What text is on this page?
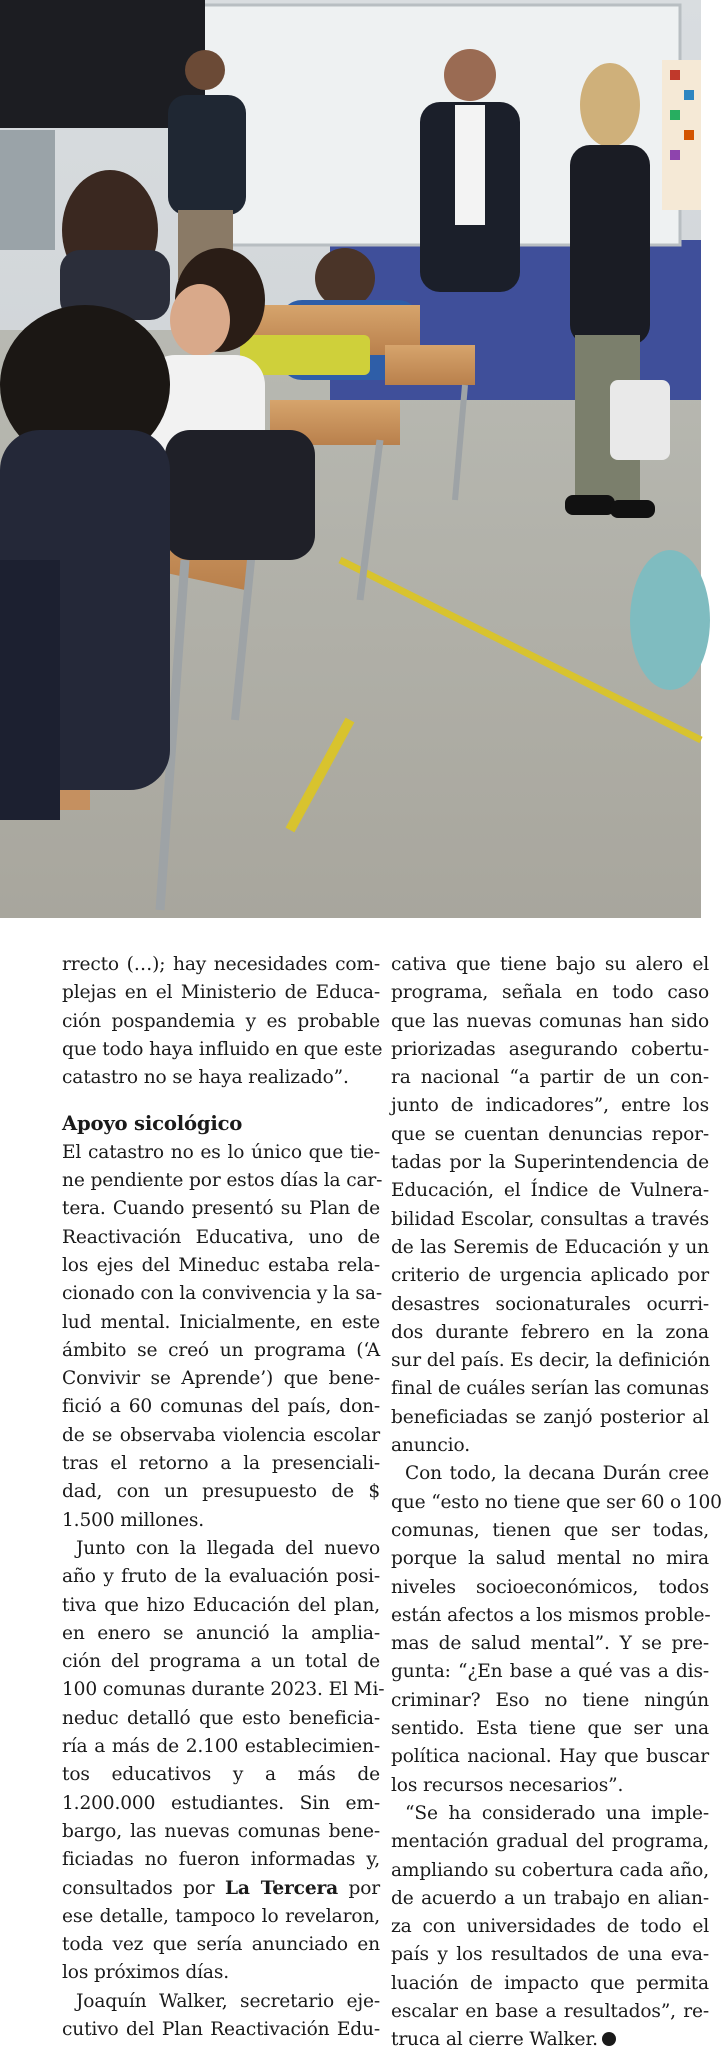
rrecto (…); hay necesidades com-
plejas en el Ministerio de Educa-
ción pospandemia y es probable
que todo haya influido en que este
catastro no se haya realizado”.
Apoyo sicológico
El catastro no es lo único que tie-
ne pendiente por estos días la car-
tera. Cuando presentó su Plan de
Reactivación Educativa, uno de
los ejes del Mineduc estaba rela-
cionado con la convivencia y la sa-
lud mental. Inicialmente, en este
ámbito se creó un programa (‘A
Convivir se Aprende’) que bene-
fició a 60 comunas del país, don-
de se observaba violencia escolar
tras el retorno a la presenciali-
dad, con un presupuesto de $
1.500 millones.
Junto con la llegada del nuevo
año y fruto de la evaluación posi-
tiva que hizo Educación del plan,
en enero se anunció la amplia-
ción del programa a un total de
100 comunas durante 2023. El Mi-
neduc detalló que esto beneficia-
ría a más de 2.100 establecimien-
tos educativos y a más de
1.200.000 estudiantes. Sin em-
bargo, las nuevas comunas bene-
ficiadas no fueron informadas y,
consultados por La Tercera por
ese detalle, tampoco lo revelaron,
toda vez que sería anunciado en
los próximos días.
Joaquín Walker, secretario eje-
cutivo del Plan Reactivación Edu-
cativa que tiene bajo su alero el
programa, señala en todo caso
que las nuevas comunas han sido
priorizadas asegurando cobertu-
ra nacional “a partir de un con-
junto de indicadores”, entre los
que se cuentan denuncias repor-
tadas por la Superintendencia de
Educación, el Índice de Vulnera-
bilidad Escolar, consultas a través
de las Seremis de Educación y un
criterio de urgencia aplicado por
desastres socionaturales ocurri-
dos durante febrero en la zona
sur del país. Es decir, la definición
final de cuáles serían las comunas
beneficiadas se zanjó posterior al
anuncio.
Con todo, la decana Durán cree
que “esto no tiene que ser 60 o 100
comunas, tienen que ser todas,
porque la salud mental no mira
niveles socioeconómicos, todos
están afectos a los mismos proble-
mas de salud mental”. Y se pre-
gunta: “¿En base a qué vas a dis-
criminar? Eso no tiene ningún
sentido. Esta tiene que ser una
política nacional. Hay que buscar
los recursos necesarios”.
“Se ha considerado una imple-
mentación gradual del programa,
ampliando su cobertura cada año,
de acuerdo a un trabajo en alian-
za con universidades de todo el
país y los resultados de una eva-
luación de impacto que permita
escalar en base a resultados”, re-
truca al cierre Walker.
